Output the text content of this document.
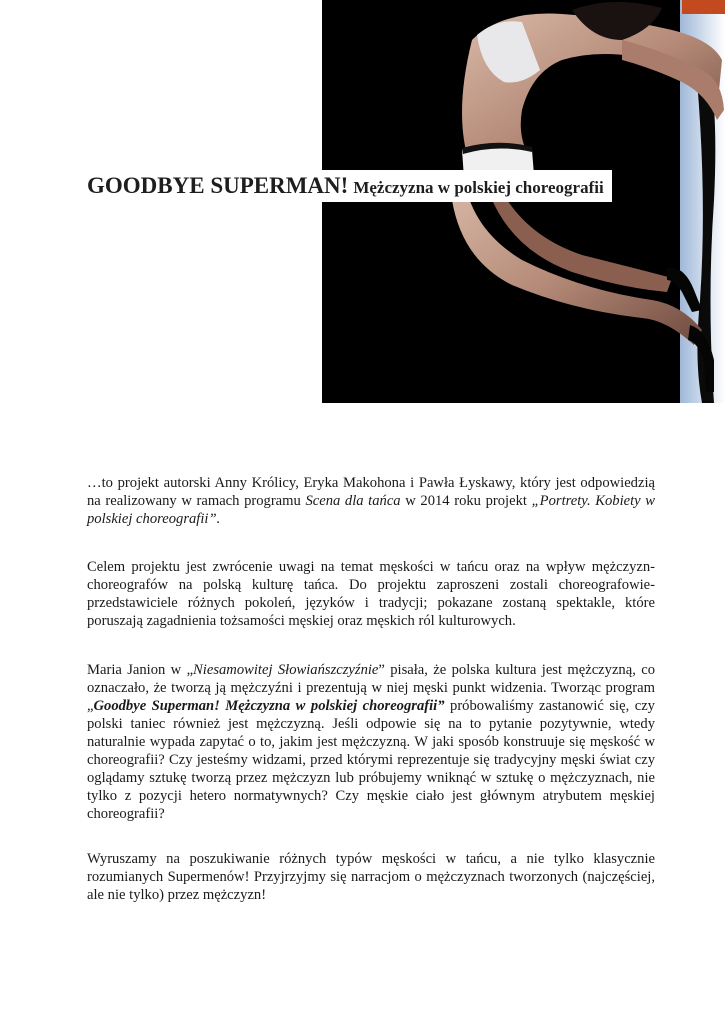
GOODBYE SUPERMAN! Mężczyzna w polskiej choreografii

…to projekt autorski Anny Królicy, Eryka Makohona i Pawła Łyskawy, który jest odpowiedzią na realizowany w ramach programu Scena dla tańca w 2014 roku projekt „Portrety. Kobiety w polskiej choreografii”.

Celem projektu jest zwrócenie uwagi na temat męskości w tańcu oraz na wpływ mężczyzn-choreografów na polską kulturę tańca. Do projektu zaproszeni zostali choreografowie-przedstawiciele różnych pokoleń, języków i tradycji; pokazane zostaną spektakle, które poruszają zagadnienia tożsamości męskiej oraz męskich ról kulturowych.

Maria Janion w „Niesamowitej Słowiańszczyźnie” pisała, że polska kultura jest mężczyzną, co oznaczało, że tworzą ją mężczyźni i prezentują w niej męski punkt widzenia. Tworząc program „Goodbye Superman! Mężczyzna w polskiej choreografii” próbowaliśmy zastanowić się, czy polski taniec również jest mężczyzną. Jeśli odpowie się na to pytanie pozytywnie, wtedy naturalnie wypada zapytać o to, jakim jest mężczyzną. W jaki sposób konstruuje się męskość w choreografii? Czy jesteśmy widzami, przed którymi reprezentuje się tradycyjny męski świat czy oglądamy sztukę tworzą przez mężczyzn lub próbujemy wniknąć w sztukę o mężczyznach, nie tylko z pozycji hetero normatywnych? Czy męskie ciało jest głównym atrybutem męskiej choreografii?

Wyruszamy na poszukiwanie różnych typów męskości w tańcu, a nie tylko klasycznie rozumianych Supermenów! Przyjrzyjmy się narracjom o mężczyznach tworzonych (najczęściej, ale nie tylko) przez mężczyzn!
